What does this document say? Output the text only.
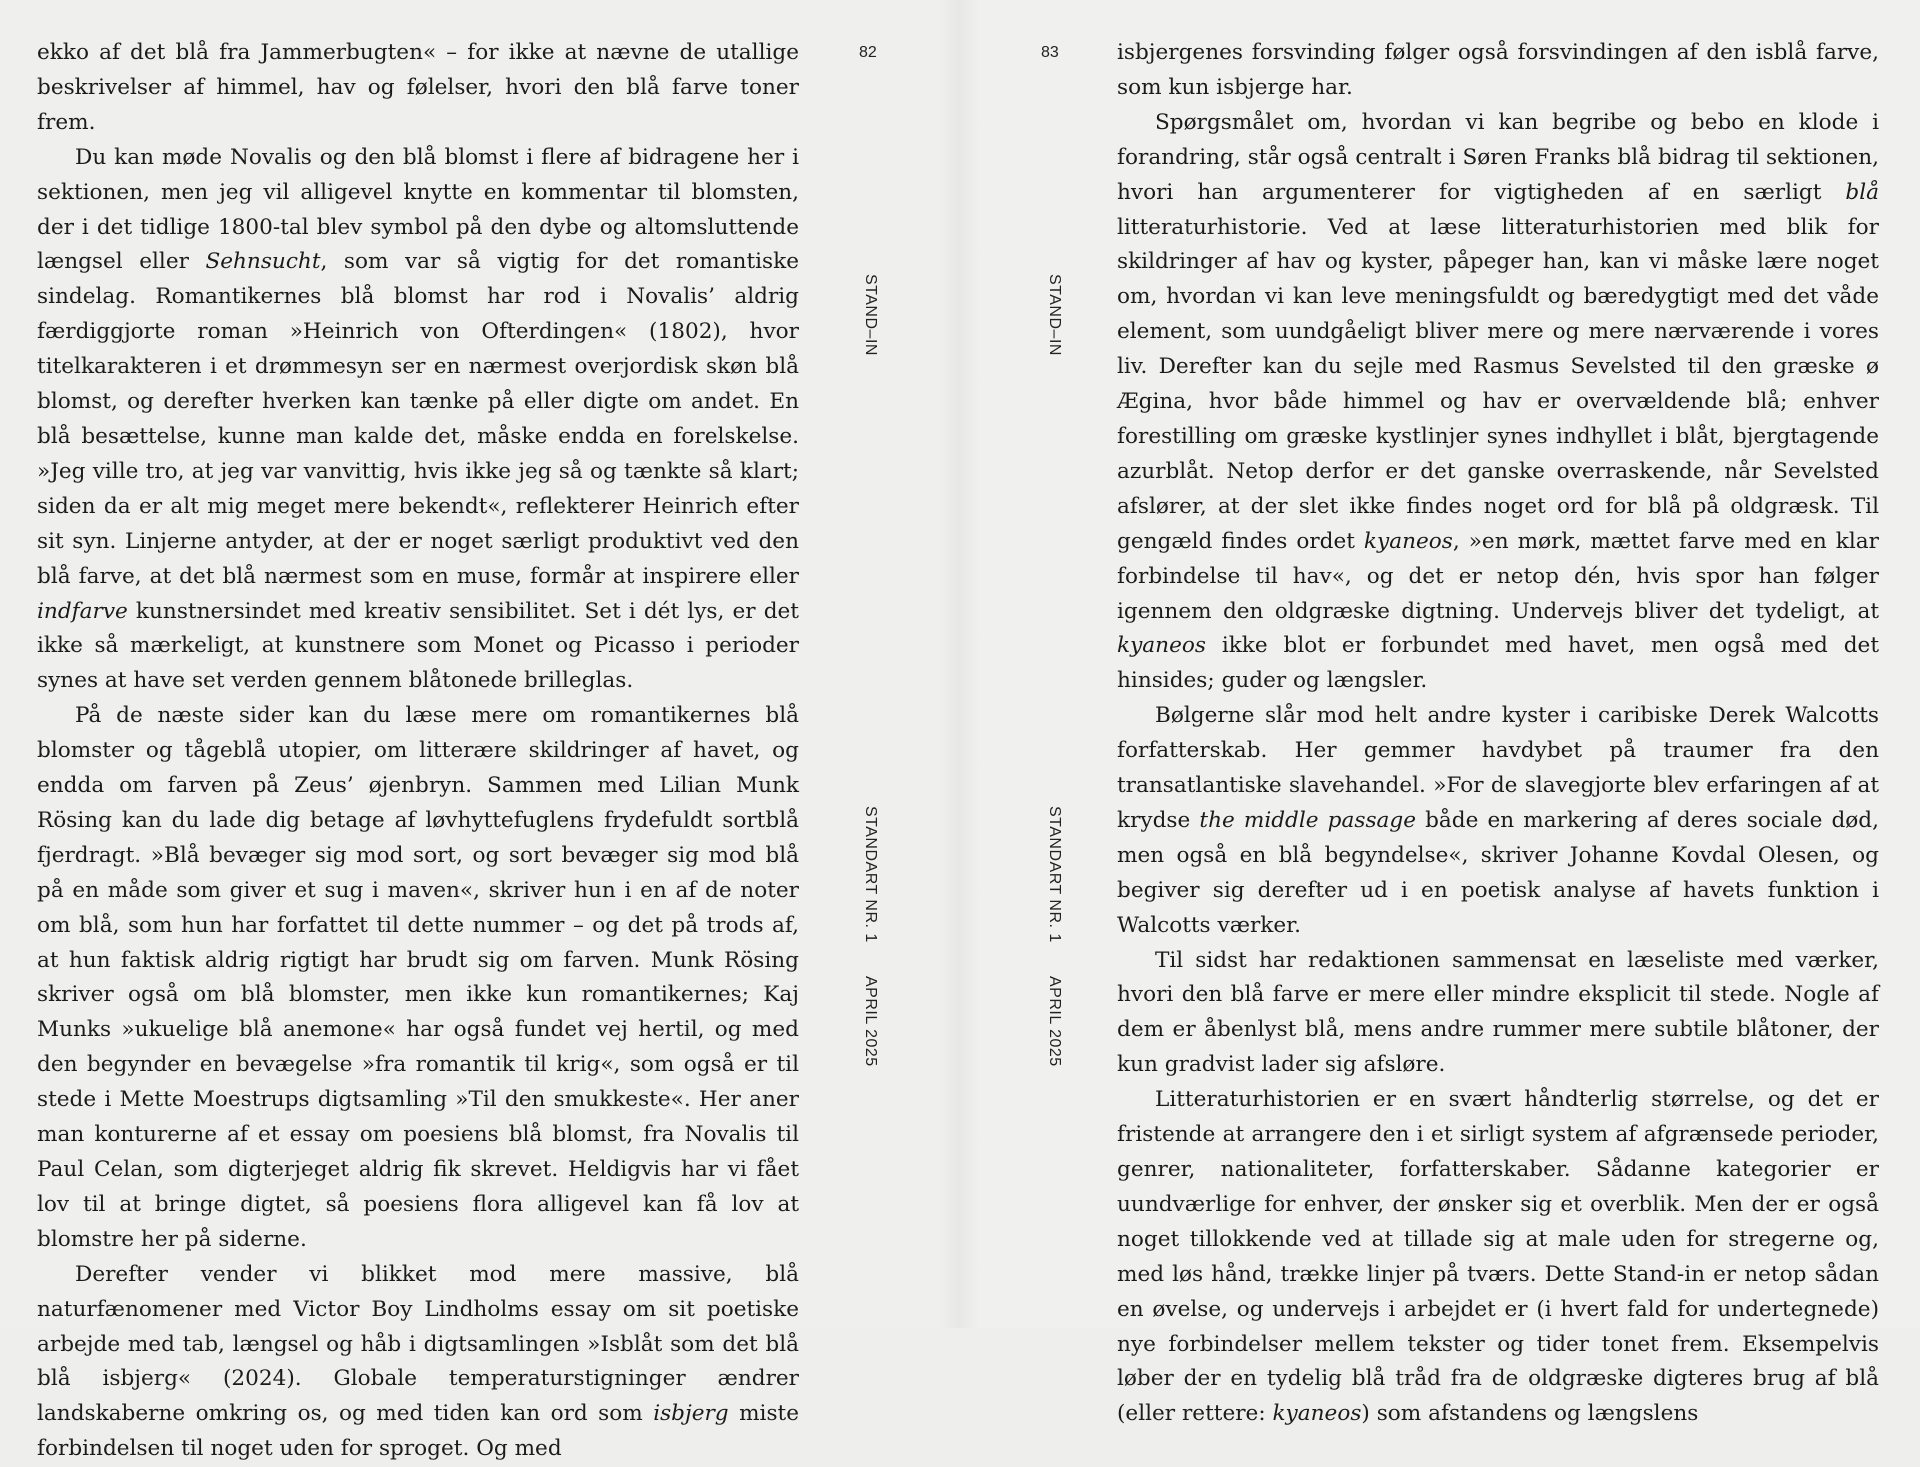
ekko af det blå fra Jammerbugten« – for ikke at nævne de utallige beskrivelser af himmel, hav og følelser, hvori den blå farve toner frem.

Du kan møde Novalis og den blå blomst i flere af bidragene her i sektionen, men jeg vil alligevel knytte en kommentar til blomsten, der i det tidlige 1800-tal blev symbol på den dybe og altomsluttende længsel eller Sehnsucht, som var så vigtig for det romantiske sindelag. Romantikernes blå blomst har rod i Novalis’ aldrig færdiggjorte roman »Heinrich von Ofterdingen« (1802), hvor titelkarakteren i et drømmesyn ser en nærmest overjordisk skøn blå blomst, og derefter hverken kan tænke på eller digte om andet. En blå besættelse, kunne man kalde det, måske endda en forelskelse. »Jeg ville tro, at jeg var vanvittig, hvis ikke jeg så og tænkte så klart; siden da er alt mig meget mere bekendt«, reflekterer Heinrich efter sit syn. Linjerne antyder, at der er noget særligt produktivt ved den blå farve, at det blå nærmest som en muse, formår at inspirere eller indfarve kunstnersindet med kreativ sensibilitet. Set i dét lys, er det ikke så mærkeligt, at kunstnere som Monet og Picasso i perioder synes at have set verden gennem blåtonede brilleglas.

På de næste sider kan du læse mere om romantikernes blå blomster og tågeblå utopier, om litterære skildringer af havet, og endda om farven på Zeus’ øjenbryn. Sammen med Lilian Munk Rösing kan du lade dig betage af løvhyttefuglens frydefuldt sortblå fjerdragt. »Blå bevæger sig mod sort, og sort bevæger sig mod blå på en måde som giver et sug i maven«, skriver hun i en af de noter om blå, som hun har forfattet til dette nummer – og det på trods af, at hun faktisk aldrig rigtigt har brudt sig om farven. Munk Rösing skriver også om blå blomster, men ikke kun romantikernes; Kaj Munks »ukuelige blå anemone« har også fundet vej hertil, og med den begynder en bevægelse »fra romantik til krig«, som også er til stede i Mette Moestrups digtsamling »Til den smukkeste«. Her aner man konturerne af et essay om poesiens blå blomst, fra Novalis til Paul Celan, som digterjeget aldrig fik skrevet. Heldigvis har vi fået lov til at bringe digtet, så poesiens flora alligevel kan få lov at blomstre her på siderne.

Derefter vender vi blikket mod mere massive, blå naturfænomener med Victor Boy Lindholms essay om sit poetiske arbejde med tab, længsel og håb i digtsamlingen »Isblåt som det blå blå isbjerg« (2024). Globale temperaturstigninger ændrer landskaberne omkring os, og med tiden kan ord som isbjerg miste forbindelsen til noget uden for sproget. Og med

82
STAND–IN
STANDART NR. 1
APRIL 2025

isbjergenes forsvinding følger også forsvindingen af den isblå farve, som kun isbjerge har.

Spørgsmålet om, hvordan vi kan begribe og bebo en klode i forandring, står også centralt i Søren Franks blå bidrag til sektionen, hvori han argumenterer for vigtigheden af en særligt blå litteraturhistorie. Ved at læse litteraturhistorien med blik for skildringer af hav og kyster, påpeger han, kan vi måske lære noget om, hvordan vi kan leve meningsfuldt og bæredygtigt med det våde element, som uundgåeligt bliver mere og mere nærværende i vores liv. Derefter kan du sejle med Rasmus Sevelsted til den græske ø Ægina, hvor både himmel og hav er overvældende blå; enhver forestilling om græske kystlinjer synes indhyllet i blåt, bjergtagende azurblåt. Netop derfor er det ganske overraskende, når Sevelsted afslører, at der slet ikke findes noget ord for blå på oldgræsk. Til gengæld findes ordet kyaneos, »en mørk, mættet farve med en klar forbindelse til hav«, og det er netop dén, hvis spor han følger igennem den oldgræske digtning. Undervejs bliver det tydeligt, at kyaneos ikke blot er forbundet med havet, men også med det hinsides; guder og længsler.

Bølgerne slår mod helt andre kyster i caribiske Derek Walcotts forfatterskab. Her gemmer havdybet på traumer fra den transatlantiske slavehandel. »For de slavegjorte blev erfaringen af at krydse the middle passage både en markering af deres sociale død, men også en blå begyndelse«, skriver Johanne Kovdal Olesen, og begiver sig derefter ud i en poetisk analyse af havets funktion i Walcotts værker.

Til sidst har redaktionen sammensat en læseliste med værker, hvori den blå farve er mere eller mindre eksplicit til stede. Nogle af dem er åbenlyst blå, mens andre rummer mere subtile blåtoner, der kun gradvist lader sig afsløre.

Litteraturhistorien er en svært håndterlig størrelse, og det er fristende at arrangere den i et sirligt system af afgrænsede perioder, genrer, nationaliteter, forfatterskaber. Sådanne kategorier er uundværlige for enhver, der ønsker sig et overblik. Men der er også noget tillokkende ved at tillade sig at male uden for stregerne og, med løs hånd, trække linjer på tværs. Dette Stand-in er netop sådan en øvelse, og undervejs i arbejdet er (i hvert fald for undertegnede) nye forbindelser mellem tekster og tider tonet frem. Eksempelvis løber der en tydelig blå tråd fra de oldgræske digteres brug af blå (eller rettere: kyaneos) som afstandens og længslens

83
STAND–IN
STANDART NR. 1
APRIL 2025
